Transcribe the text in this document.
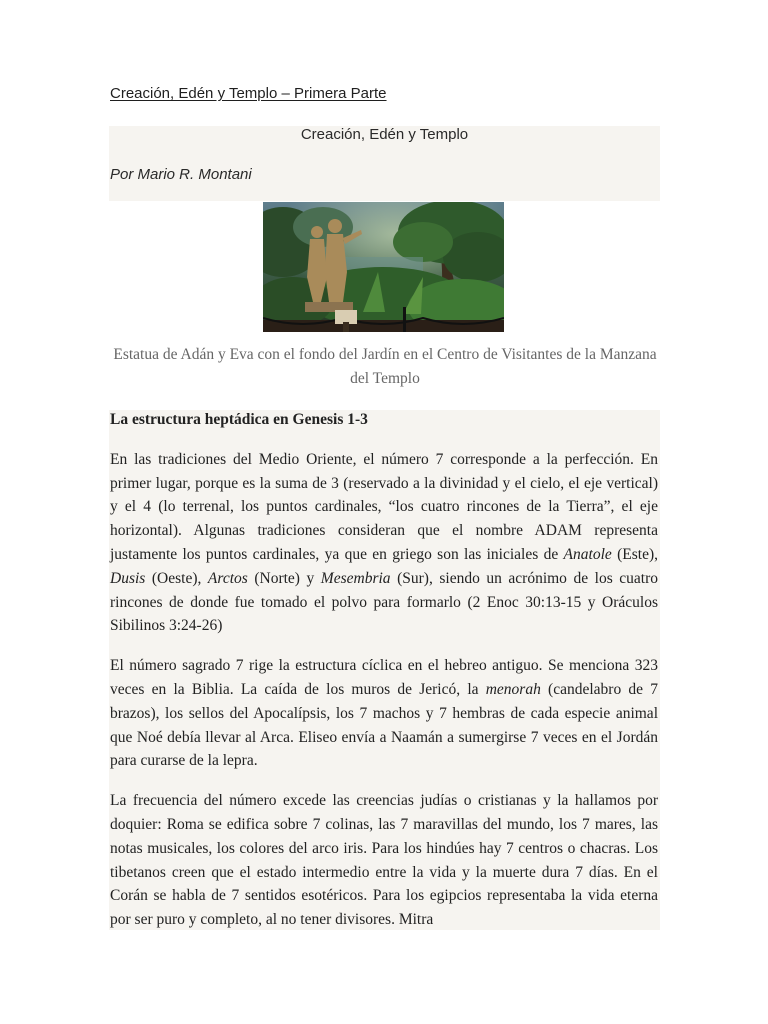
Creación, Edén y Templo – Primera Parte
Creación, Edén y Templo
Por Mario R. Montani
Estatua de Adán y Eva con el fondo del Jardín en el Centro de Visitantes de la Manzana del Templo

La estructura heptádica en Genesis 1-3

En las tradiciones del Medio Oriente, el número 7 corresponde a la perfección. En primer lugar, porque es la suma de 3 (reservado a la divinidad y el cielo, el eje vertical) y el 4 (lo terrenal, los puntos cardinales, “los cuatro rincones de la Tierra”, el eje horizontal). Algunas tradiciones consideran que el nombre ADAM representa justamente los puntos cardinales, ya que en griego son las iniciales de Anatole (Este), Dusis (Oeste), Arctos (Norte) y Mesembria (Sur), siendo un acrónimo de los cuatro rincones de donde fue tomado el polvo para formarlo (2 Enoc 30:13-15 y Oráculos Sibilinos 3:24-26)

El número sagrado 7 rige la estructura cíclica en el hebreo antiguo. Se menciona 323 veces en la Biblia. La caída de los muros de Jericó, la menorah (candelabro de 7 brazos), los sellos del Apocalípsis, los 7 machos y 7 hembras de cada especie animal que Noé debía llevar al Arca. Eliseo envía a Naamán a sumergirse 7 veces en el Jordán para curarse de la lepra.

La frecuencia del número excede las creencias judías o cristianas y la hallamos por doquier: Roma se edifica sobre 7 colinas, las 7 maravillas del mundo, los 7 mares, las notas musicales, los colores del arco iris. Para los hindúes hay 7 centros o chacras. Los tibetanos creen que el estado intermedio entre la vida y la muerte dura 7 días. En el Corán se habla de 7 sentidos esotéricos. Para los egipcios representaba la vida eterna por ser puro y completo, al no tener divisores. Mitra
